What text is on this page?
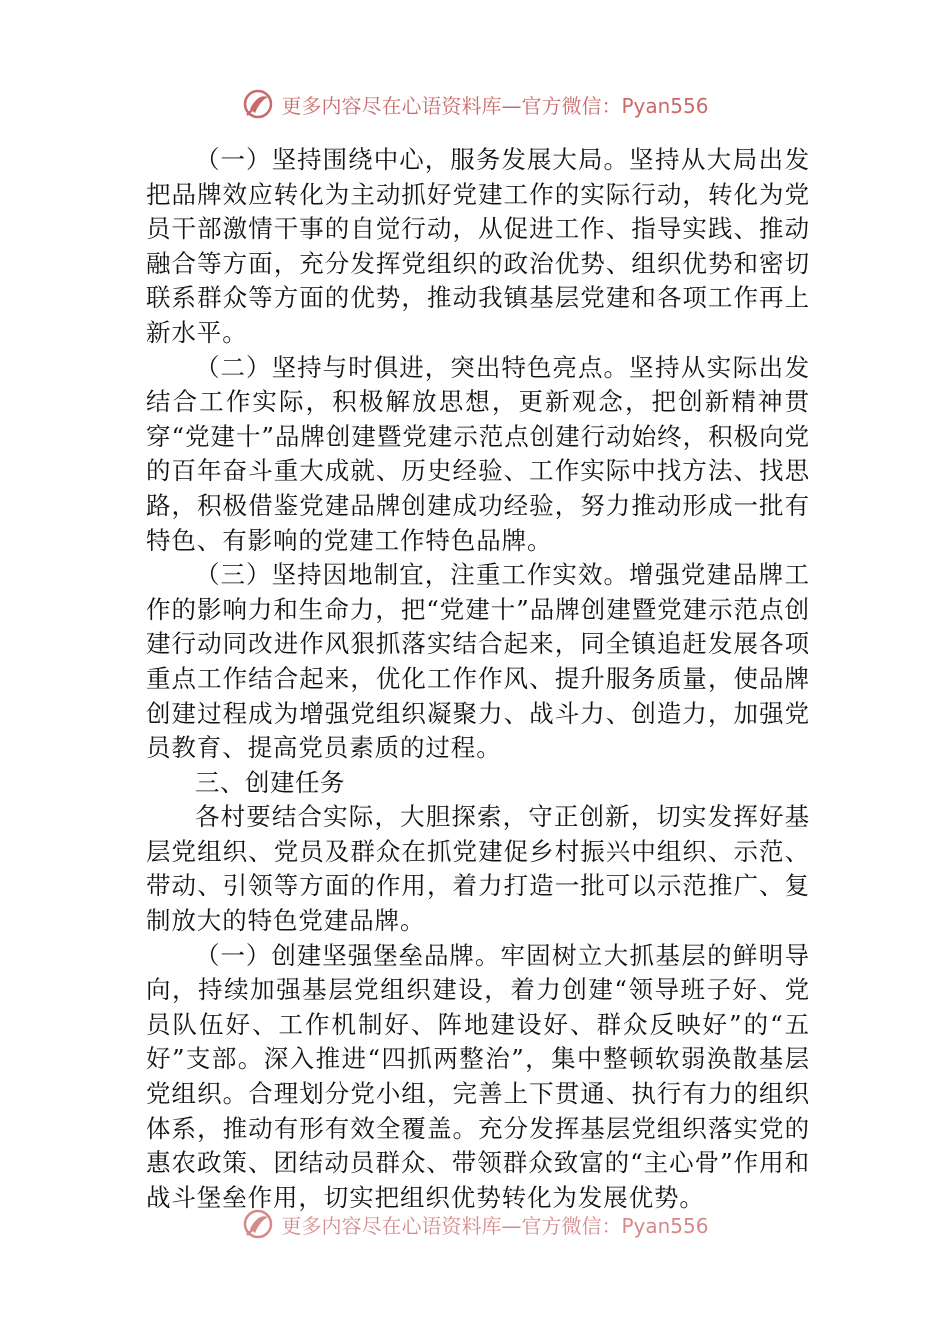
更多内容尽在心语资料库—官方微信：Pyan556

（一）坚持围绕中心，服务发展大局。坚持从大局出发把品牌效应转化为主动抓好党建工作的实际行动，转化为党员干部激情干事的自觉行动，从促进工作、指导实践、推动融合等方面，充分发挥党组织的政治优势、组织优势和密切联系群众等方面的优势，推动我镇基层党建和各项工作再上新水平。

（二）坚持与时俱进，突出特色亮点。坚持从实际出发结合工作实际，积极解放思想，更新观念，把创新精神贯穿“党建十”品牌创建暨党建示范点创建行动始终，积极向党的百年奋斗重大成就、历史经验、工作实际中找方法、找思路，积极借鉴党建品牌创建成功经验，努力推动形成一批有特色、有影响的党建工作特色品牌。

（三）坚持因地制宜，注重工作实效。增强党建品牌工作的影响力和生命力，把“党建十”品牌创建暨党建示范点创建行动同改进作风狠抓落实结合起来，同全镇追赶发展各项重点工作结合起来，优化工作作风、提升服务质量，使品牌创建过程成为增强党组织凝聚力、战斗力、创造力，加强党员教育、提高党员素质的过程。

三、创建任务

各村要结合实际，大胆探索，守正创新，切实发挥好基层党组织、党员及群众在抓党建促乡村振兴中组织、示范、带动、引领等方面的作用，着力打造一批可以示范推广、复制放大的特色党建品牌。

（一）创建坚强堡垒品牌。牢固树立大抓基层的鲜明导向，持续加强基层党组织建设，着力创建“领导班子好、党员队伍好、工作机制好、阵地建设好、群众反映好”的“五好”支部。深入推进“四抓两整治”，集中整顿软弱涣散基层党组织。合理划分党小组，完善上下贯通、执行有力的组织体系，推动有形有效全覆盖。充分发挥基层党组织落实党的惠农政策、团结动员群众、带领群众致富的“主心骨”作用和战斗堡垒作用，切实把组织优势转化为发展优势。

更多内容尽在心语资料库—官方微信：Pyan556
